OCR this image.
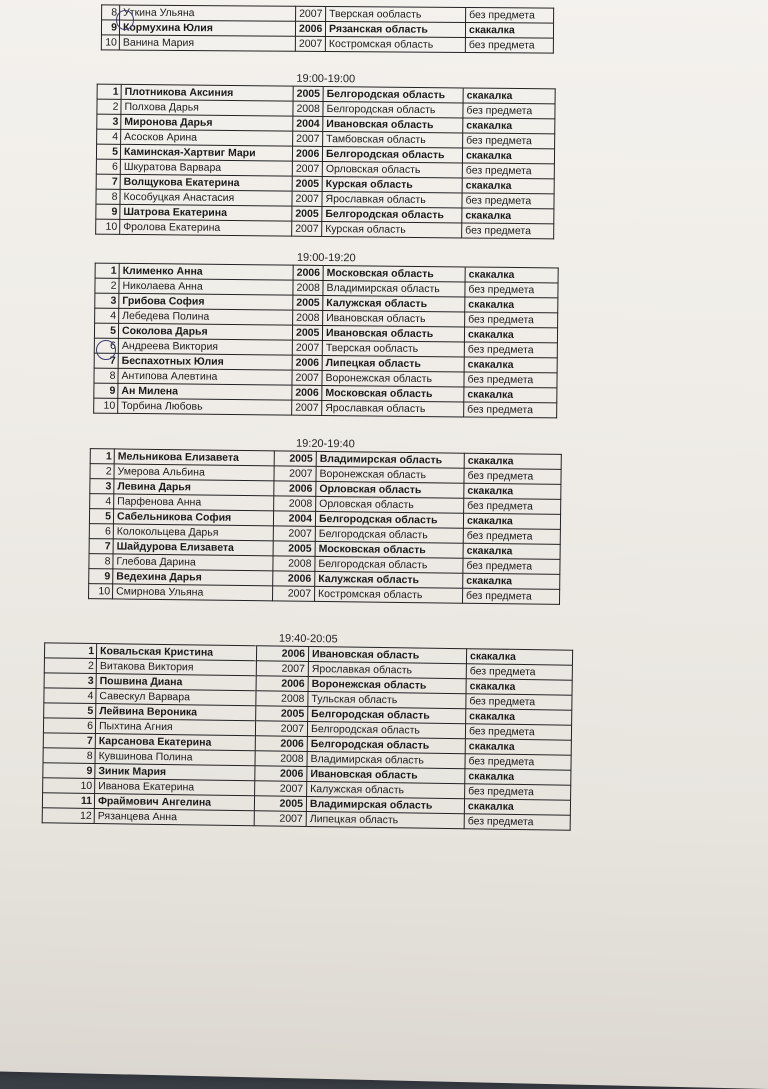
8	Уткина Ульяна	2007	Тверская ообласть	без предмета
9	Кормухина Юлия	2006	Рязанская область	скакалка
10	Ванина Мария	2007	Костромская область	без предмета
19:00-19:00
1	Плотникова Аксиния	2005	Белгородская область	скакалка
2	Полхова Дарья	2008	Белгородская область	без предмета
3	Миронова Дарья	2004	Ивановская область	скакалка
4	Асосков Арина	2007	Тамбовская область	без предмета
5	Каминская-Хартвиг Мари	2006	Белгородская область	скакалка
6	Шкуратова Варвара	2007	Орловская область	без предмета
7	Волщукова Екатерина	2005	Курская область	скакалка
8	Кособуцкая Анастасия	2007	Ярославкая область	без предмета
9	Шатрова Екатерина	2005	Белгородская область	скакалка
10	Фролова Екатерина	2007	Курская область	без предмета
19:00-19:20
1	Клименко Анна	2006	Московская область	скакалка
2	Николаева Анна	2008	Владимирская область	без предмета
3	Грибова София	2005	Калужская область	скакалка
4	Лебедева Полина	2008	Ивановская область	без предмета
5	Соколова Дарья	2005	Ивановская область	скакалка
6	Андреева Виктория	2007	Тверская ообласть	без предмета
7	Беспахотных Юлия	2006	Липецкая область	скакалка
8	Антипова Алевтина	2007	Воронежская область	без предмета
9	Ан Милена	2006	Московская область	скакалка
10	Торбина Любовь	2007	Ярославкая область	без предмета
19:20-19:40
1	Мельникова Елизавета	2005	Владимирская область	скакалка
2	Умерова Альбина	2007	Воронежская область	без предмета
3	Левина Дарья	2006	Орловская область	скакалка
4	Парфенова Анна	2008	Орловская область	без предмета
5	Сабельникова София	2004	Белгородская область	скакалка
6	Колокольцева Дарья	2007	Белгородская область	без предмета
7	Шайдурова Елизавета	2005	Московская область	скакалка
8	Глебова Дарина	2008	Белгородская область	без предмета
9	Ведехина Дарья	2006	Калужская область	скакалка
10	Смирнова Ульяна	2007	Костромская область	без предмета
19:40-20:05
1	Ковальская Кристина	2006	Ивановская область	скакалка
2	Витакова Виктория	2007	Ярославкая область	без предмета
3	Пошвина Диана	2006	Воронежская область	скакалка
4	Савескул Варвара	2008	Тульская область	без предмета
5	Лейвина Вероника	2005	Белгородская область	скакалка
6	Пыхтина Агния	2007	Белгородская область	без предмета
7	Карсанова Екатерина	2006	Белгородская область	скакалка
8	Кувшинова Полина	2008	Владимирская область	без предмета
9	Зиник Мария	2006	Ивановская область	скакалка
10	Иванова Екатерина	2007	Калужская область	без предмета
11	Фраймович Ангелина	2005	Владимирская область	скакалка
12	Рязанцева Анна	2007	Липецкая область	без предмета
